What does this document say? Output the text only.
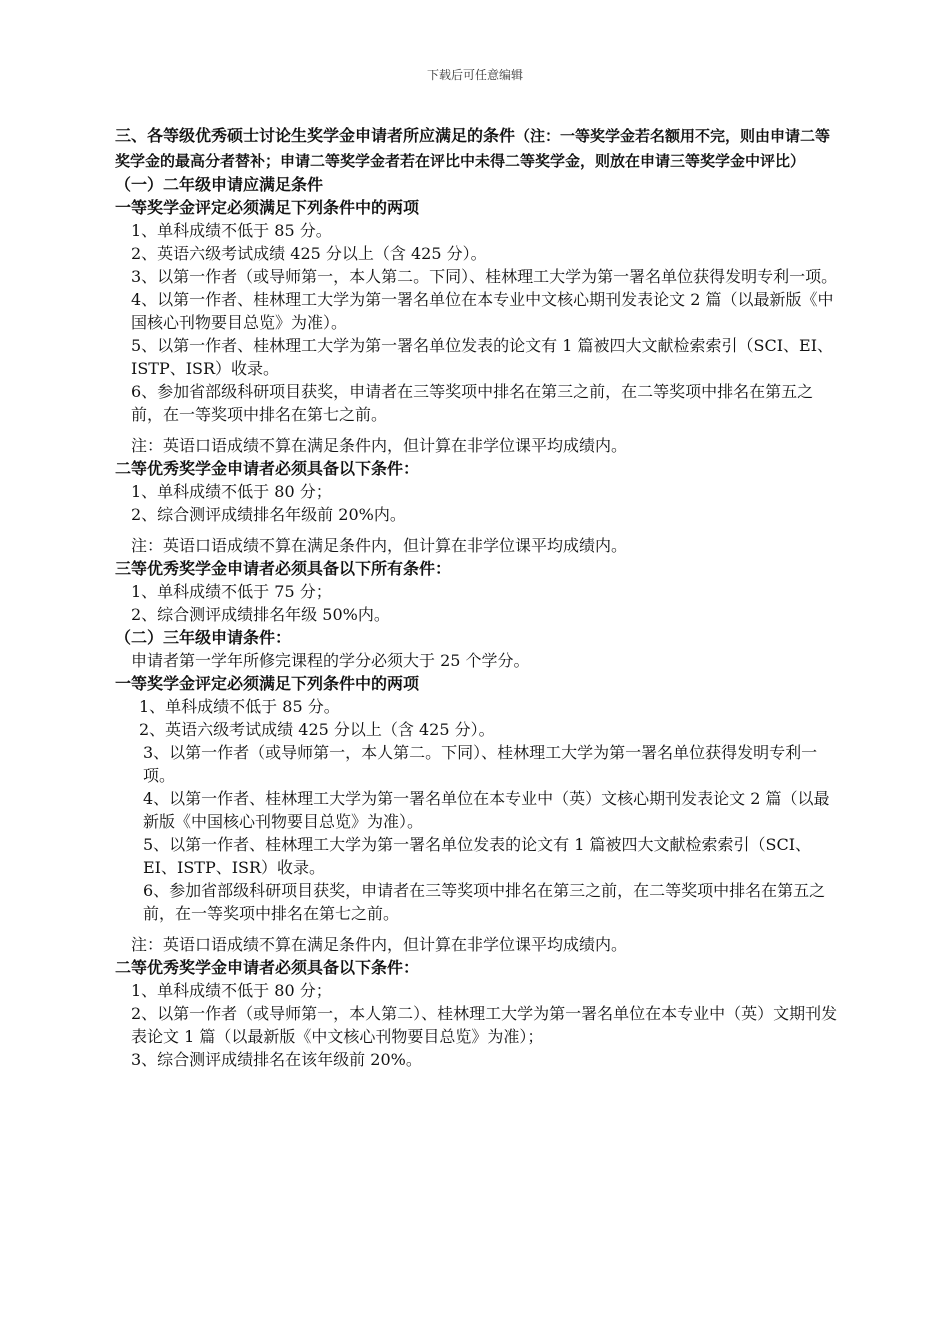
下载后可任意编辑

三、各等级优秀硕士讨论生奖学金申请者所应满足的条件（注：一等奖学金若名额用不完，则由申请二等奖学金的最高分者替补；申请二等奖学金者若在评比中未得二等奖学金，则放在申请三等奖学金中评比）

（一）二年级申请应满足条件

一等奖学金评定必须满足下列条件中的两项

1、单科成绩不低于 85 分。

2、英语六级考试成绩 425 分以上（含 425 分）。

3、以第一作者（或导师第一，本人第二。下同）、桂林理工大学为第一署名单位获得发明专利一项。

4、以第一作者、桂林理工大学为第一署名单位在本专业中文核心期刊发表论文 2 篇（以最新版《中国核心刊物要目总览》为准）。

5、以第一作者、桂林理工大学为第一署名单位发表的论文有 1 篇被四大文献检索索引（SCI、EI、ISTP、ISR）收录。

6、参加省部级科研项目获奖，申请者在三等奖项中排名在第三之前，在二等奖项中排名在第五之前，在一等奖项中排名在第七之前。

注：英语口语成绩不算在满足条件内，但计算在非学位课平均成绩内。

二等优秀奖学金申请者必须具备以下条件：

1、单科成绩不低于 80 分；

2、综合测评成绩排名年级前 20%内。

注：英语口语成绩不算在满足条件内，但计算在非学位课平均成绩内。

三等优秀奖学金申请者必须具备以下所有条件：

1、单科成绩不低于 75 分；

2、综合测评成绩排名年级 50%内。

（二）三年级申请条件：

申请者第一学年所修完课程的学分必须大于 25 个学分。

一等奖学金评定必须满足下列条件中的两项

1、单科成绩不低于 85 分。

2、英语六级考试成绩 425 分以上（含 425 分）。

3、以第一作者（或导师第一，本人第二。下同）、桂林理工大学为第一署名单位获得发明专利一项。

4、以第一作者、桂林理工大学为第一署名单位在本专业中（英）文核心期刊发表论文 2 篇（以最新版《中国核心刊物要目总览》为准）。

5、以第一作者、桂林理工大学为第一署名单位发表的论文有 1 篇被四大文献检索索引（SCI、EI、ISTP、ISR）收录。

6、参加省部级科研项目获奖，申请者在三等奖项中排名在第三之前，在二等奖项中排名在第五之前，在一等奖项中排名在第七之前。

注：英语口语成绩不算在满足条件内，但计算在非学位课平均成绩内。

二等优秀奖学金申请者必须具备以下条件：

1、单科成绩不低于 80 分；

2、以第一作者（或导师第一，本人第二）、桂林理工大学为第一署名单位在本专业中（英）文期刊发表论文 1 篇（以最新版《中文核心刊物要目总览》为准）；

3、综合测评成绩排名在该年级前 20%。
